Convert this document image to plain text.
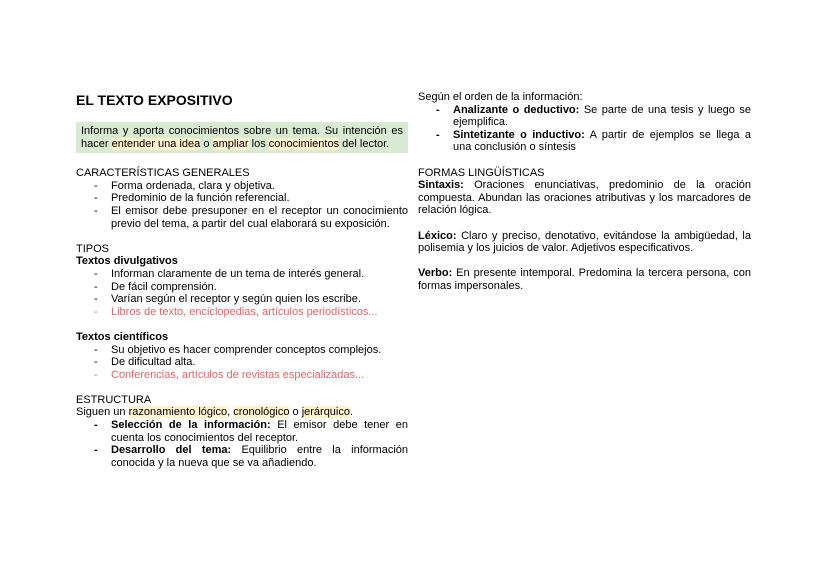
EL TEXTO EXPOSITIVO
Informa y aporta conocimientos sobre un tema. Su intención es hacer entender una idea o ampliar los conocimientos del lector.

CARACTERÍSTICAS GENERALES

- Forma ordenada, clara y objetiva.
- Predominio de la función referencial.
- El emisor debe presuponer en el receptor un conocimiento previo del tema, a partir del cual elaborará su exposición.

TIPOS

Textos divulgativos

- Informan claramente de un tema de interés general.
- De fácil comprensión.
- Varían según el receptor y según quien los escribe.
- Libros de texto, enciclopedias, artículos periodísticos...

Textos científicos

- Su objetivo es hacer comprender conceptos complejos.
- De dificultad alta.
- Conferencias, artículos de revistas especializadas...

ESTRUCTURA

Siguen un razonamiento lógico, cronológico o jerárquico.

- Selección de la información: El emisor debe tener en cuenta los conocimientos del receptor.
- Desarrollo del tema: Equilibrio entre la información conocida y la nueva que se va añadiendo.

Según el orden de la información:

- Analizante o deductivo: Se parte de una tesis y luego se ejemplifica.
- Sintetizante o inductivo: A partir de ejemplos se llega a una conclusión o síntesis

FORMAS LINGÜÍSTICAS

Sintaxis: Oraciones enunciativas, predominio de la oración compuesta. Abundan las oraciones atributivas y los marcadores de relación lógica.

Léxico: Claro y preciso, denotativo, evitándose la ambigüedad, la polisemia y los juicios de valor. Adjetivos especificativos.

Verbo: En presente intemporal. Predomina la tercera persona, con formas impersonales.
